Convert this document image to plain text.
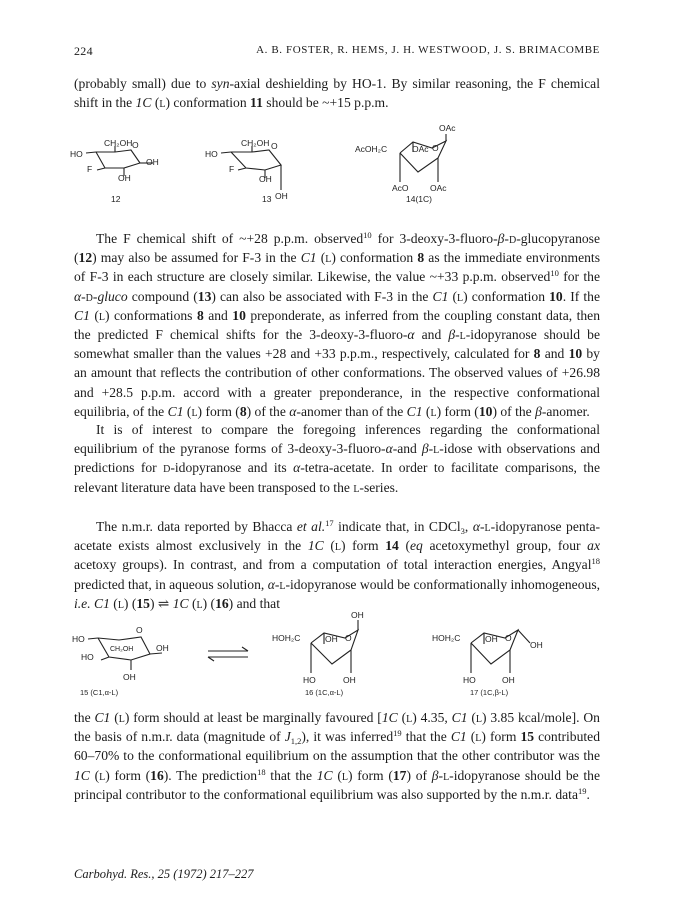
224	A. B. FOSTER, R. HEMS, J. H. WESTWOOD, J. S. BRIMACOMBE

(probably small) due to syn-axial deshielding by HO-1. By similar reasoning, the F chemical shift in the 1C (l) conformation 11 should be ~+15 p.p.m.

CH₂OH O
HO
OH
F
OH
12
CH₂OH O
HO
F
OH
OH
13
OAc
AcOH₂C	OAc O
AcO	OAc
14(1C)

The F chemical shift of ~+28 p.p.m. observed$^{10}$ for 3-deoxy-3-fluoro-β-d-glucopyranose (12) may also be assumed for F-3 in the C1 (l) conformation 8 as the immediate environments of F-3 in each structure are closely similar. Likewise, the value ~+33 p.p.m. observed$^{10}$ for the α-d-gluco compound (13) can also be associated with F-3 in the C1 (l) conformation 10. If the C1 (l) conformations 8 and 10 preponderate, as inferred from the coupling constant data, then the predicted F chemical shifts for the 3-deoxy-3-fluoro-α and β-l-idopyranose should be somewhat smaller than the values +28 and +33 p.p.m., respectively, calculated for 8 and 10 by an amount that reflects the contribution of other conformations. The observed values of +26.98 and +28.5 p.p.m. accord with a greater preponderance, in the respective conformational equilibria, of the C1 (l) form (8) of the α-anomer than of the C1 (l) form (10) of the β-anomer.

It is of interest to compare the foregoing inferences regarding the conformational equilibrium of the pyranose forms of 3-deoxy-3-fluoro-α-and β-l-idose with observations and predictions for d-idopyranose and its α-tetra-acetate. In order to facilitate comparisons, the relevant literature data have been transposed to the l-series.

The n.m.r. data reported by Bhacca et al.$^{17}$ indicate that, in CDCl$_3$, α-l-idopyranose penta-acetate exists almost exclusively in the 1C (l) form 14 (eq acetoxymethyl group, four ax acetoxy groups). In contrast, and from a computation of total interaction energies, Angyal$^{18}$ predicted that, in aqueous solution, α-l-idopyranose would be conformationally inhomogeneous, i.e. C1 (l) (15) ⇌ 1C (l) (16) and that

O
HO
HO
CH₂OH	OH
OH
15 (C1,α-L)
OH
HOH₂C	OH O
HO	OH
16 (1C,α-L)
HOH₂C	OH O
OH
HO	OH
17 (1C,β-L)

the C1 (l) form should at least be marginally favoured [1C (l) 4.35, C1 (l) 3.85 kcal/mole]. On the basis of n.m.r. data (magnitude of $J_{1,2}$), it was inferred$^{19}$ that the C1 (l) form 15 contributed 60–70% to the conformational equilibrium on the assumption that the other contributor was the 1C (l) form (16). The prediction$^{18}$ that the 1C (l) form (17) of β-l-idopyranose should be the principal contributor to the conformational equilibrium was also supported by the n.m.r. data$^{19}$.

Carbohyd. Res., 25 (1972) 217–227
